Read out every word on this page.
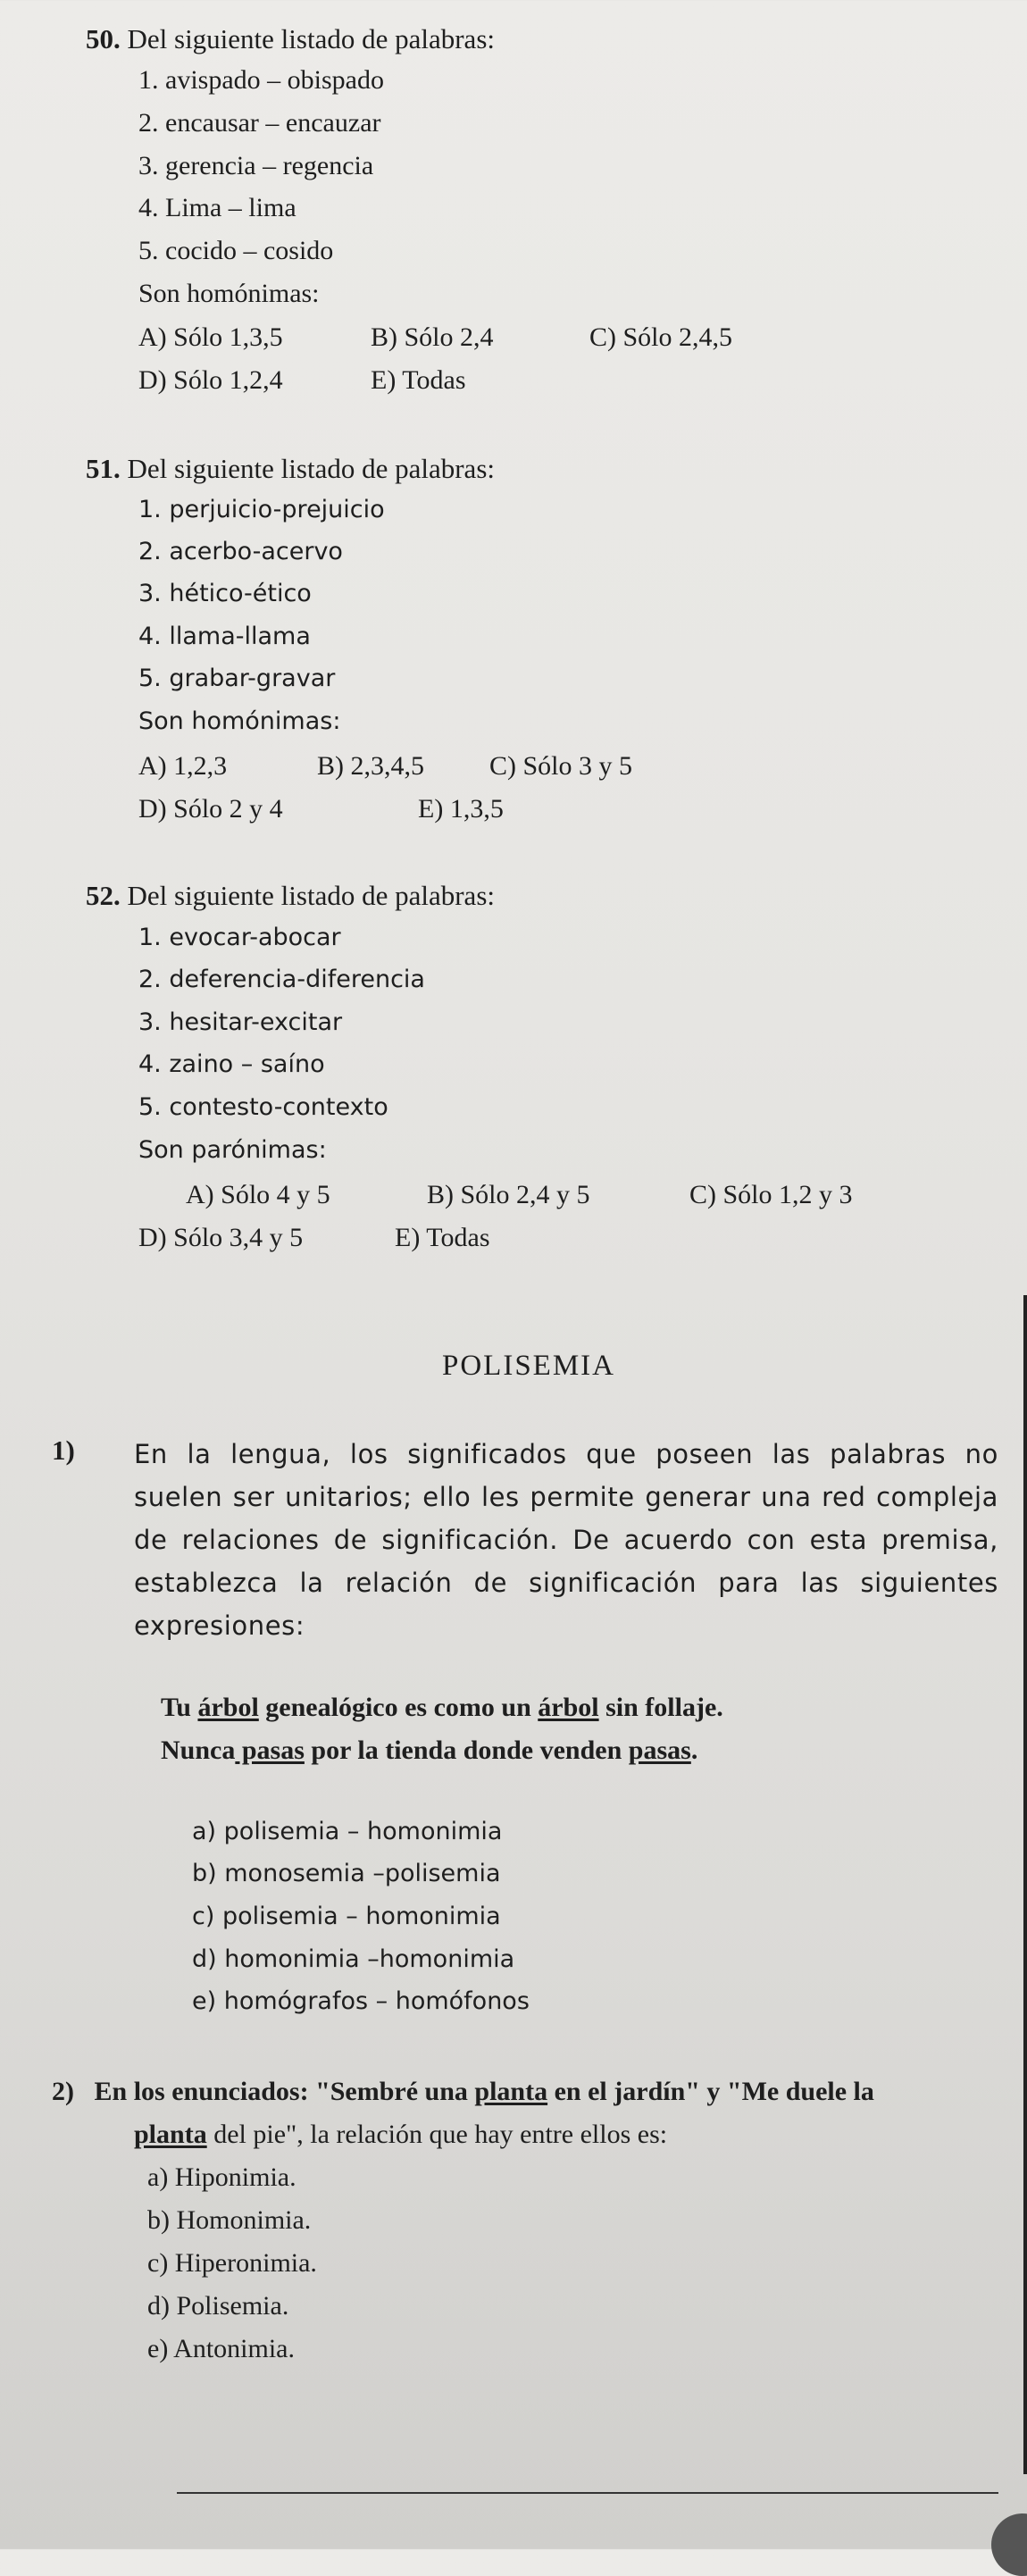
50. Del siguiente listado de palabras:
1. avispado – obispado
2. encausar – encauzar
3. gerencia – regencia
4. Lima – lima
5. cocido – cosido
Son homónimas:
A) Sólo 1,3,5	B) Sólo 2,4	C) Sólo 2,4,5
D) Sólo 1,2,4	E) Todas
51. Del siguiente listado de palabras:
1. perjuicio-prejuicio
2. acerbo-acervo
3. hético-ético
4. llama-llama
5. grabar-gravar
Son homónimas:
A) 1,2,3	B) 2,3,4,5 C) Sólo 3 y 5
D) Sólo 2 y 4	E) 1,3,5
52. Del siguiente listado de palabras:
1. evocar-abocar
2. deferencia-diferencia
3. hesitar-excitar
4. zaino – saíno
5. contesto-contexto
Son parónimas:
A) Sólo 4 y 5	B) Sólo 2,4 y 5	C) Sólo 1,2 y 3
D) Sólo 3,4 y 5	E) Todas
POLISEMIA
1) En la lengua, los significados que poseen las palabras no suelen ser unitarios; ello les permite generar una red compleja de relaciones de significación. De acuerdo con esta premisa, establezca la relación de significación para las siguientes expresiones:
Tu árbol genealógico es como un árbol sin follaje.
Nunca pasas por la tienda donde venden pasas.
a) polisemia – homonimia
b) monosemia –polisemia
c) polisemia – homonimia
d) homonimia –homonimia
e) homógrafos – homófonos
2) En los enunciados: "Sembré una planta en el jardín" y "Me duele la
planta del pie", la relación que hay entre ellos es:
a) Hiponimia.
b) Homonimia.
c) Hiperonimia.
d) Polisemia.
e) Antonimia.
